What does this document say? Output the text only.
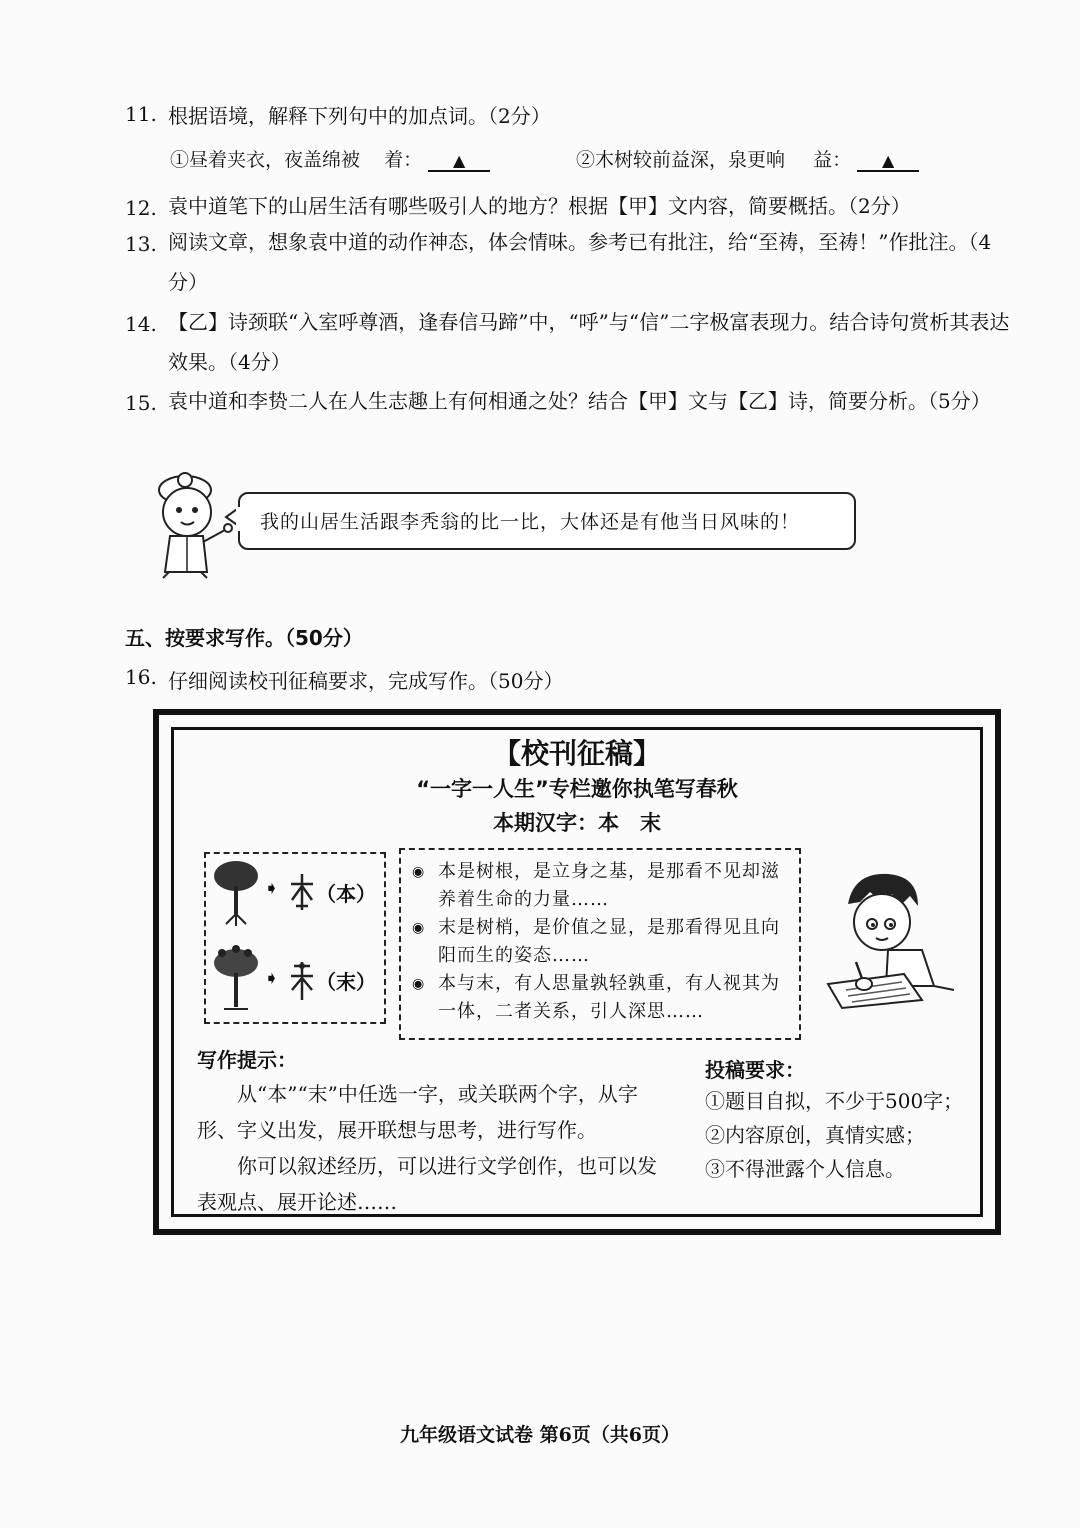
11. 根据语境，解释下列句中的加点词。（2分）
①昼着夹衣，夜盖绵被 着： ▲	②木树较前益深，泉更响 益： ▲
12. 袁中道笔下的山居生活有哪些吸引人的地方？根据【甲】文内容，简要概括。（2分）
13. 阅读文章，想象袁中道的动作神态，体会情味。参考已有批注，给“至祷，至祷！”作批注。（4分）
14. 【乙】诗颈联“入室呼尊酒，逢春信马蹄”中，“呼”与“信”二字极富表现力。结合诗句赏析其表达效果。（4分）
15. 袁中道和李贽二人在人生志趣上有何相通之处？结合【甲】文与【乙】诗，简要分析。（5分）
我的山居生活跟李秃翁的比一比，大体还是有他当日风味的！
五、按要求写作。（50分）
16. 仔细阅读校刊征稿要求，完成写作。（50分）
【校刊征稿】
“一字一人生”专栏邀你执笔写春秋
本期汉字：本　末
➧ （本）
➧ （末）
◉ 本是树根，是立身之基，是那看不见却滋养着生命的力量……
◉ 末是树梢，是价值之显，是那看得见且向阳而生的姿态……
◉ 本与末，有人思量孰轻孰重，有人视其为一体，二者关系，引人深思……
写作提示：
从“本”“末”中任选一字，或关联两个字，从字形、字义出发，展开联想与思考，进行写作。
你可以叙述经历，可以进行文学创作，也可以发表观点、展开论述……
投稿要求：
①题目自拟，不少于500字；
②内容原创，真情实感；
③不得泄露个人信息。
九年级语文试卷 第6页（共6页）
